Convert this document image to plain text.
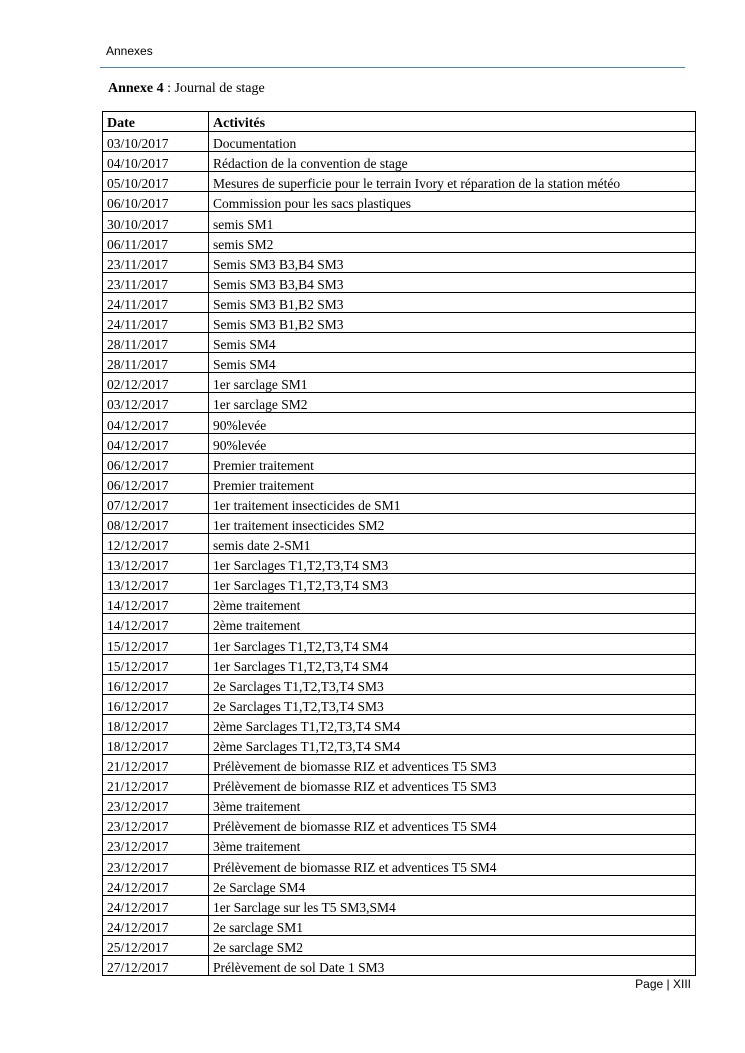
Annexes
Annexe 4 : Journal de stage
Date	Activités
03/10/2017	Documentation
04/10/2017	Rédaction de la convention de stage
05/10/2017	Mesures de superficie pour le terrain Ivory et réparation de la station météo
06/10/2017	Commission pour les sacs plastiques
30/10/2017	semis SM1
06/11/2017	semis SM2
23/11/2017	Semis SM3 B3,B4 SM3
23/11/2017	Semis SM3 B3,B4 SM3
24/11/2017	Semis SM3 B1,B2 SM3
24/11/2017	Semis SM3 B1,B2 SM3
28/11/2017	Semis SM4
28/11/2017	Semis SM4
02/12/2017	1er sarclage SM1
03/12/2017	1er sarclage SM2
04/12/2017	90%levée
04/12/2017	90%levée
06/12/2017	Premier traitement
06/12/2017	Premier traitement
07/12/2017	1er traitement insecticides de SM1
08/12/2017	1er traitement insecticides SM2
12/12/2017	semis date 2-SM1
13/12/2017	1er Sarclages T1,T2,T3,T4 SM3
13/12/2017	1er Sarclages T1,T2,T3,T4 SM3
14/12/2017	2ème traitement
14/12/2017	2ème traitement
15/12/2017	1er Sarclages T1,T2,T3,T4 SM4
15/12/2017	1er Sarclages T1,T2,T3,T4 SM4
16/12/2017	2e Sarclages T1,T2,T3,T4 SM3
16/12/2017	2e Sarclages T1,T2,T3,T4 SM3
18/12/2017	2ème Sarclages T1,T2,T3,T4 SM4
18/12/2017	2ème Sarclages T1,T2,T3,T4 SM4
21/12/2017	Prélèvement de biomasse RIZ et adventices T5 SM3
21/12/2017	Prélèvement de biomasse RIZ et adventices T5 SM3
23/12/2017	3ème traitement
23/12/2017	Prélèvement de biomasse RIZ et adventices T5 SM4
23/12/2017	3ème traitement
23/12/2017	Prélèvement de biomasse RIZ et adventices T5 SM4
24/12/2017	2e Sarclage SM4
24/12/2017	1er Sarclage sur les T5 SM3,SM4
24/12/2017	2e sarclage SM1
25/12/2017	2e sarclage SM2
27/12/2017	Prélèvement de sol Date 1 SM3
Page | XIII
